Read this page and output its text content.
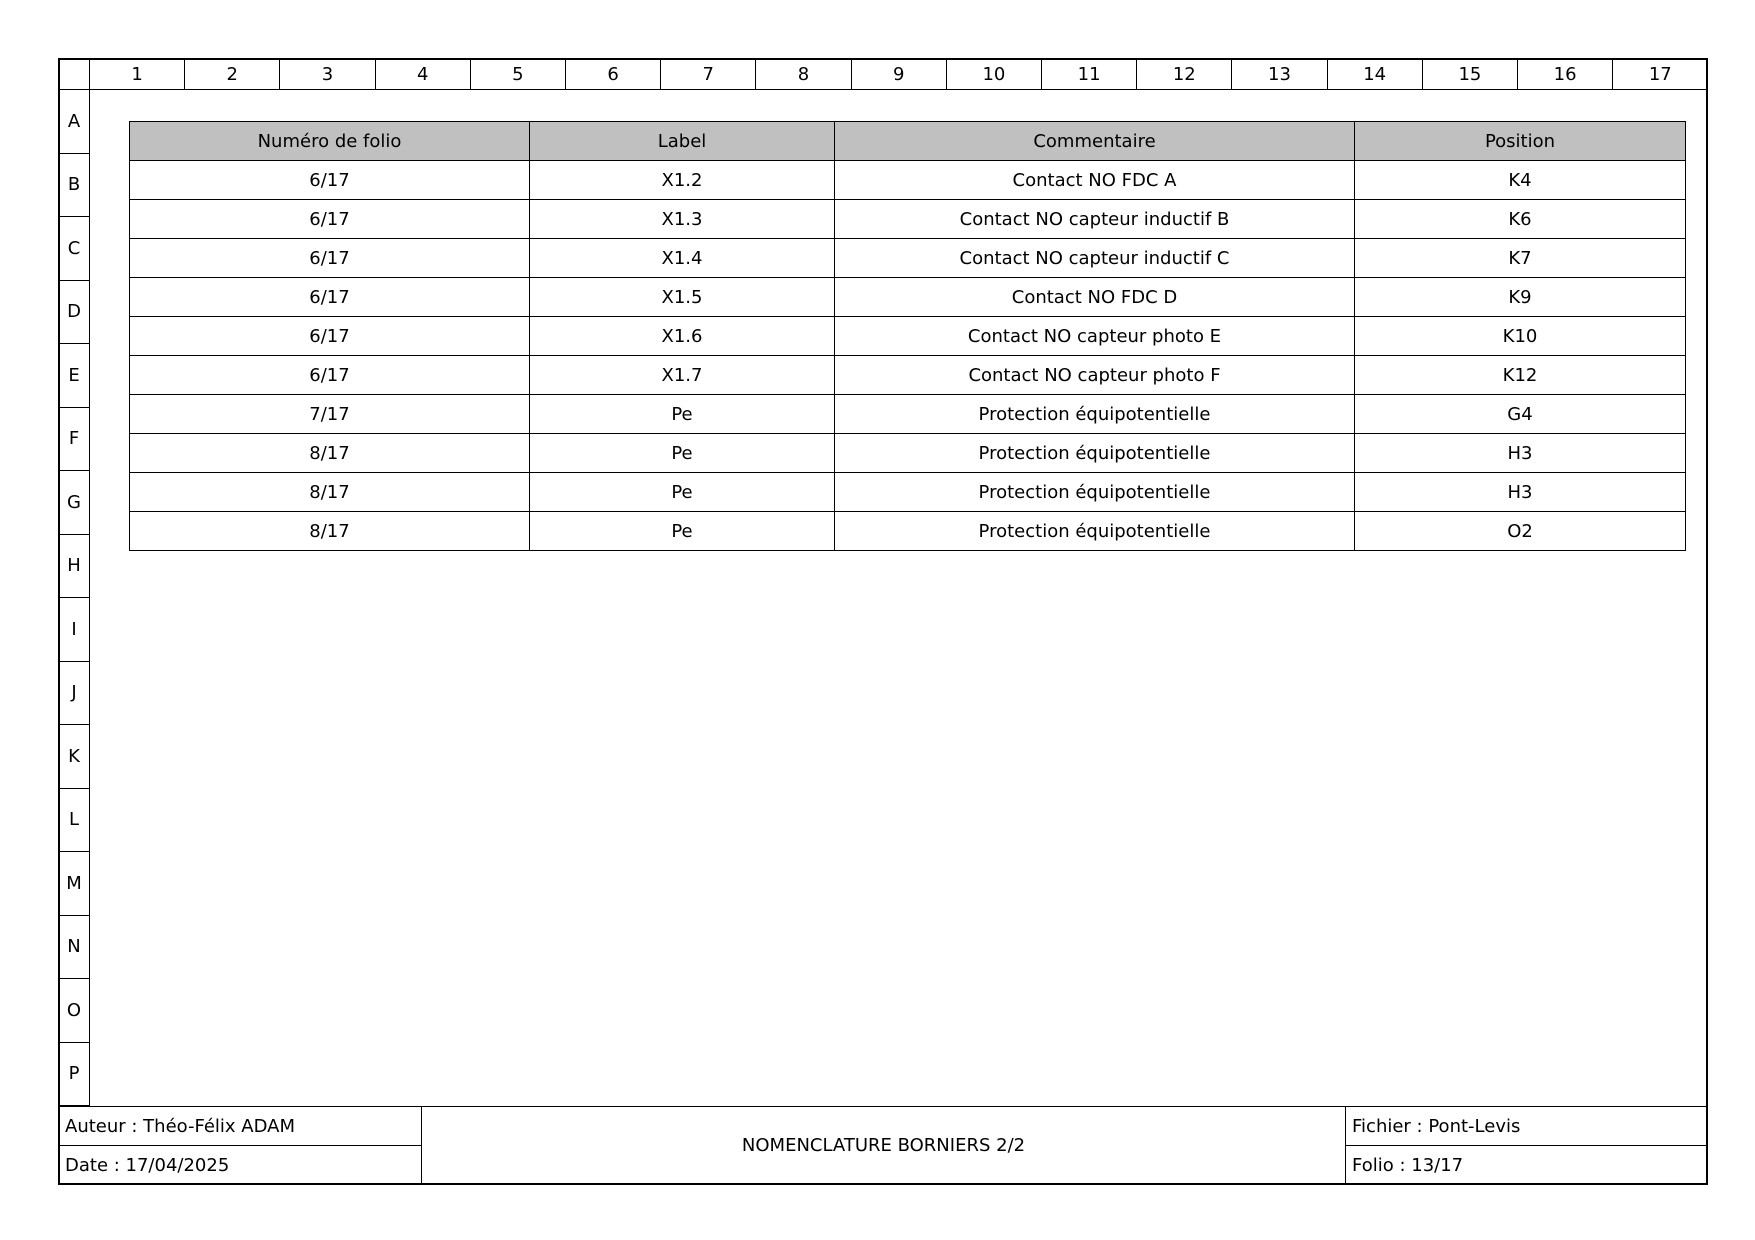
1	2	3	4	5	6	7	8	9	10	11	12	13	14	15	16	17
A
B
C
D
E
F
G
H
I
J
K
L
M
N
O
P
Numéro de folio	Label	Commentaire	Position
6/17	X1.2	Contact NO FDC A	K4
6/17	X1.3	Contact NO capteur inductif B	K6
6/17	X1.4	Contact NO capteur inductif C	K7
6/17	X1.5	Contact NO FDC D	K9
6/17	X1.6	Contact NO capteur photo E	K10
6/17	X1.7	Contact NO capteur photo F	K12
7/17	Pe	Protection équipotentielle	G4
8/17	Pe	Protection équipotentielle	H3
8/17	Pe	Protection équipotentielle	H3
8/17	Pe	Protection équipotentielle	O2
Auteur : Théo-Félix ADAM
Date : 17/04/2025
NOMENCLATURE BORNIERS 2/2
Fichier : Pont-Levis
Folio : 13/17
